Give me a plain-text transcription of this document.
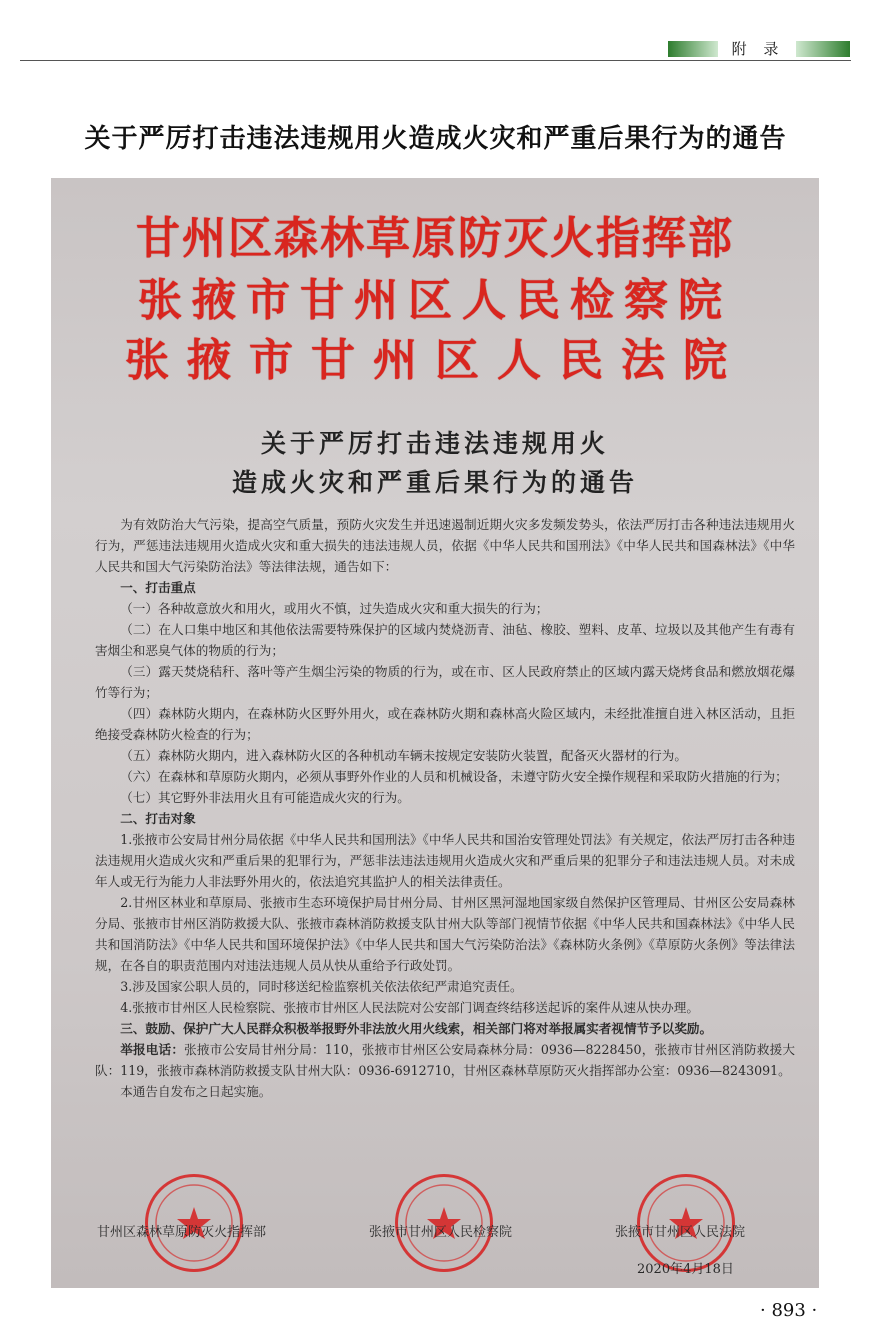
附 录
关于严厉打击违法违规用火造成火灾和严重后果行为的通告
甘州区森林草原防灭火指挥部
张掖市甘州区人民检察院
张掖市甘州区人民法院
关于严厉打击违法违规用火
造成火灾和严重后果行为的通告

为有效防治大气污染，提高空气质量，预防火灾发生并迅速遏制近期火灾多发频发势头，依法严厉打击各种违法违规用火行为，严惩违法违规用火造成火灾和重大损失的违法违规人员，依据《中华人民共和国刑法》《中华人民共和国森林法》《中华人民共和国大气污染防治法》等法律法规，通告如下：

一、打击重点

（一）各种故意放火和用火，或用火不慎，过失造成火灾和重大损失的行为；

（二）在人口集中地区和其他依法需要特殊保护的区域内焚烧沥青、油毡、橡胶、塑料、皮革、垃圾以及其他产生有毒有害烟尘和恶臭气体的物质的行为；

（三）露天焚烧秸秆、落叶等产生烟尘污染的物质的行为，或在市、区人民政府禁止的区域内露天烧烤食品和燃放烟花爆竹等行为；

（四）森林防火期内，在森林防火区野外用火，或在森林防火期和森林高火险区域内，未经批准擅自进入林区活动，且拒绝接受森林防火检查的行为；

（五）森林防火期内，进入森林防火区的各种机动车辆未按规定安装防火装置，配备灭火器材的行为。

（六）在森林和草原防火期内，必须从事野外作业的人员和机械设备，未遵守防火安全操作规程和采取防火措施的行为；

（七）其它野外非法用火且有可能造成火灾的行为。

二、打击对象

1.张掖市公安局甘州分局依据《中华人民共和国刑法》《中华人民共和国治安管理处罚法》有关规定，依法严厉打击各种违法违规用火造成火灾和严重后果的犯罪行为，严惩非法违法违规用火造成火灾和严重后果的犯罪分子和违法违规人员。对未成年人或无行为能力人非法野外用火的，依法追究其监护人的相关法律责任。

2.甘州区林业和草原局、张掖市生态环境保护局甘州分局、甘州区黑河湿地国家级自然保护区管理局、甘州区公安局森林分局、张掖市甘州区消防救援大队、张掖市森林消防救援支队甘州大队等部门视情节依据《中华人民共和国森林法》《中华人民共和国消防法》《中华人民共和国环境保护法》《中华人民共和国大气污染防治法》《森林防火条例》《草原防火条例》等法律法规，在各自的职责范围内对违法违规人员从快从重给予行政处罚。

3.涉及国家公职人员的，同时移送纪检监察机关依法依纪严肃追究责任。

4.张掖市甘州区人民检察院、张掖市甘州区人民法院对公安部门调查终结移送起诉的案件从速从快办理。

三、鼓励、保护广大人民群众积极举报野外非法放火用火线索，相关部门将对举报属实者视情节予以奖励。

举报电话：张掖市公安局甘州分局：110，张掖市甘州区公安局森林分局：0936—8228450，张掖市甘州区消防救援大队：119，张掖市森林消防救援支队甘州大队：0936-6912710，甘州区森林草原防灭火指挥部办公室：0936—8243091。

本通告自发布之日起实施。

甘州区森林草原防灭火指挥部	张掖市甘州区人民检察院	张掖市甘州区人民法院
2020年4月18日
· 893 ·
